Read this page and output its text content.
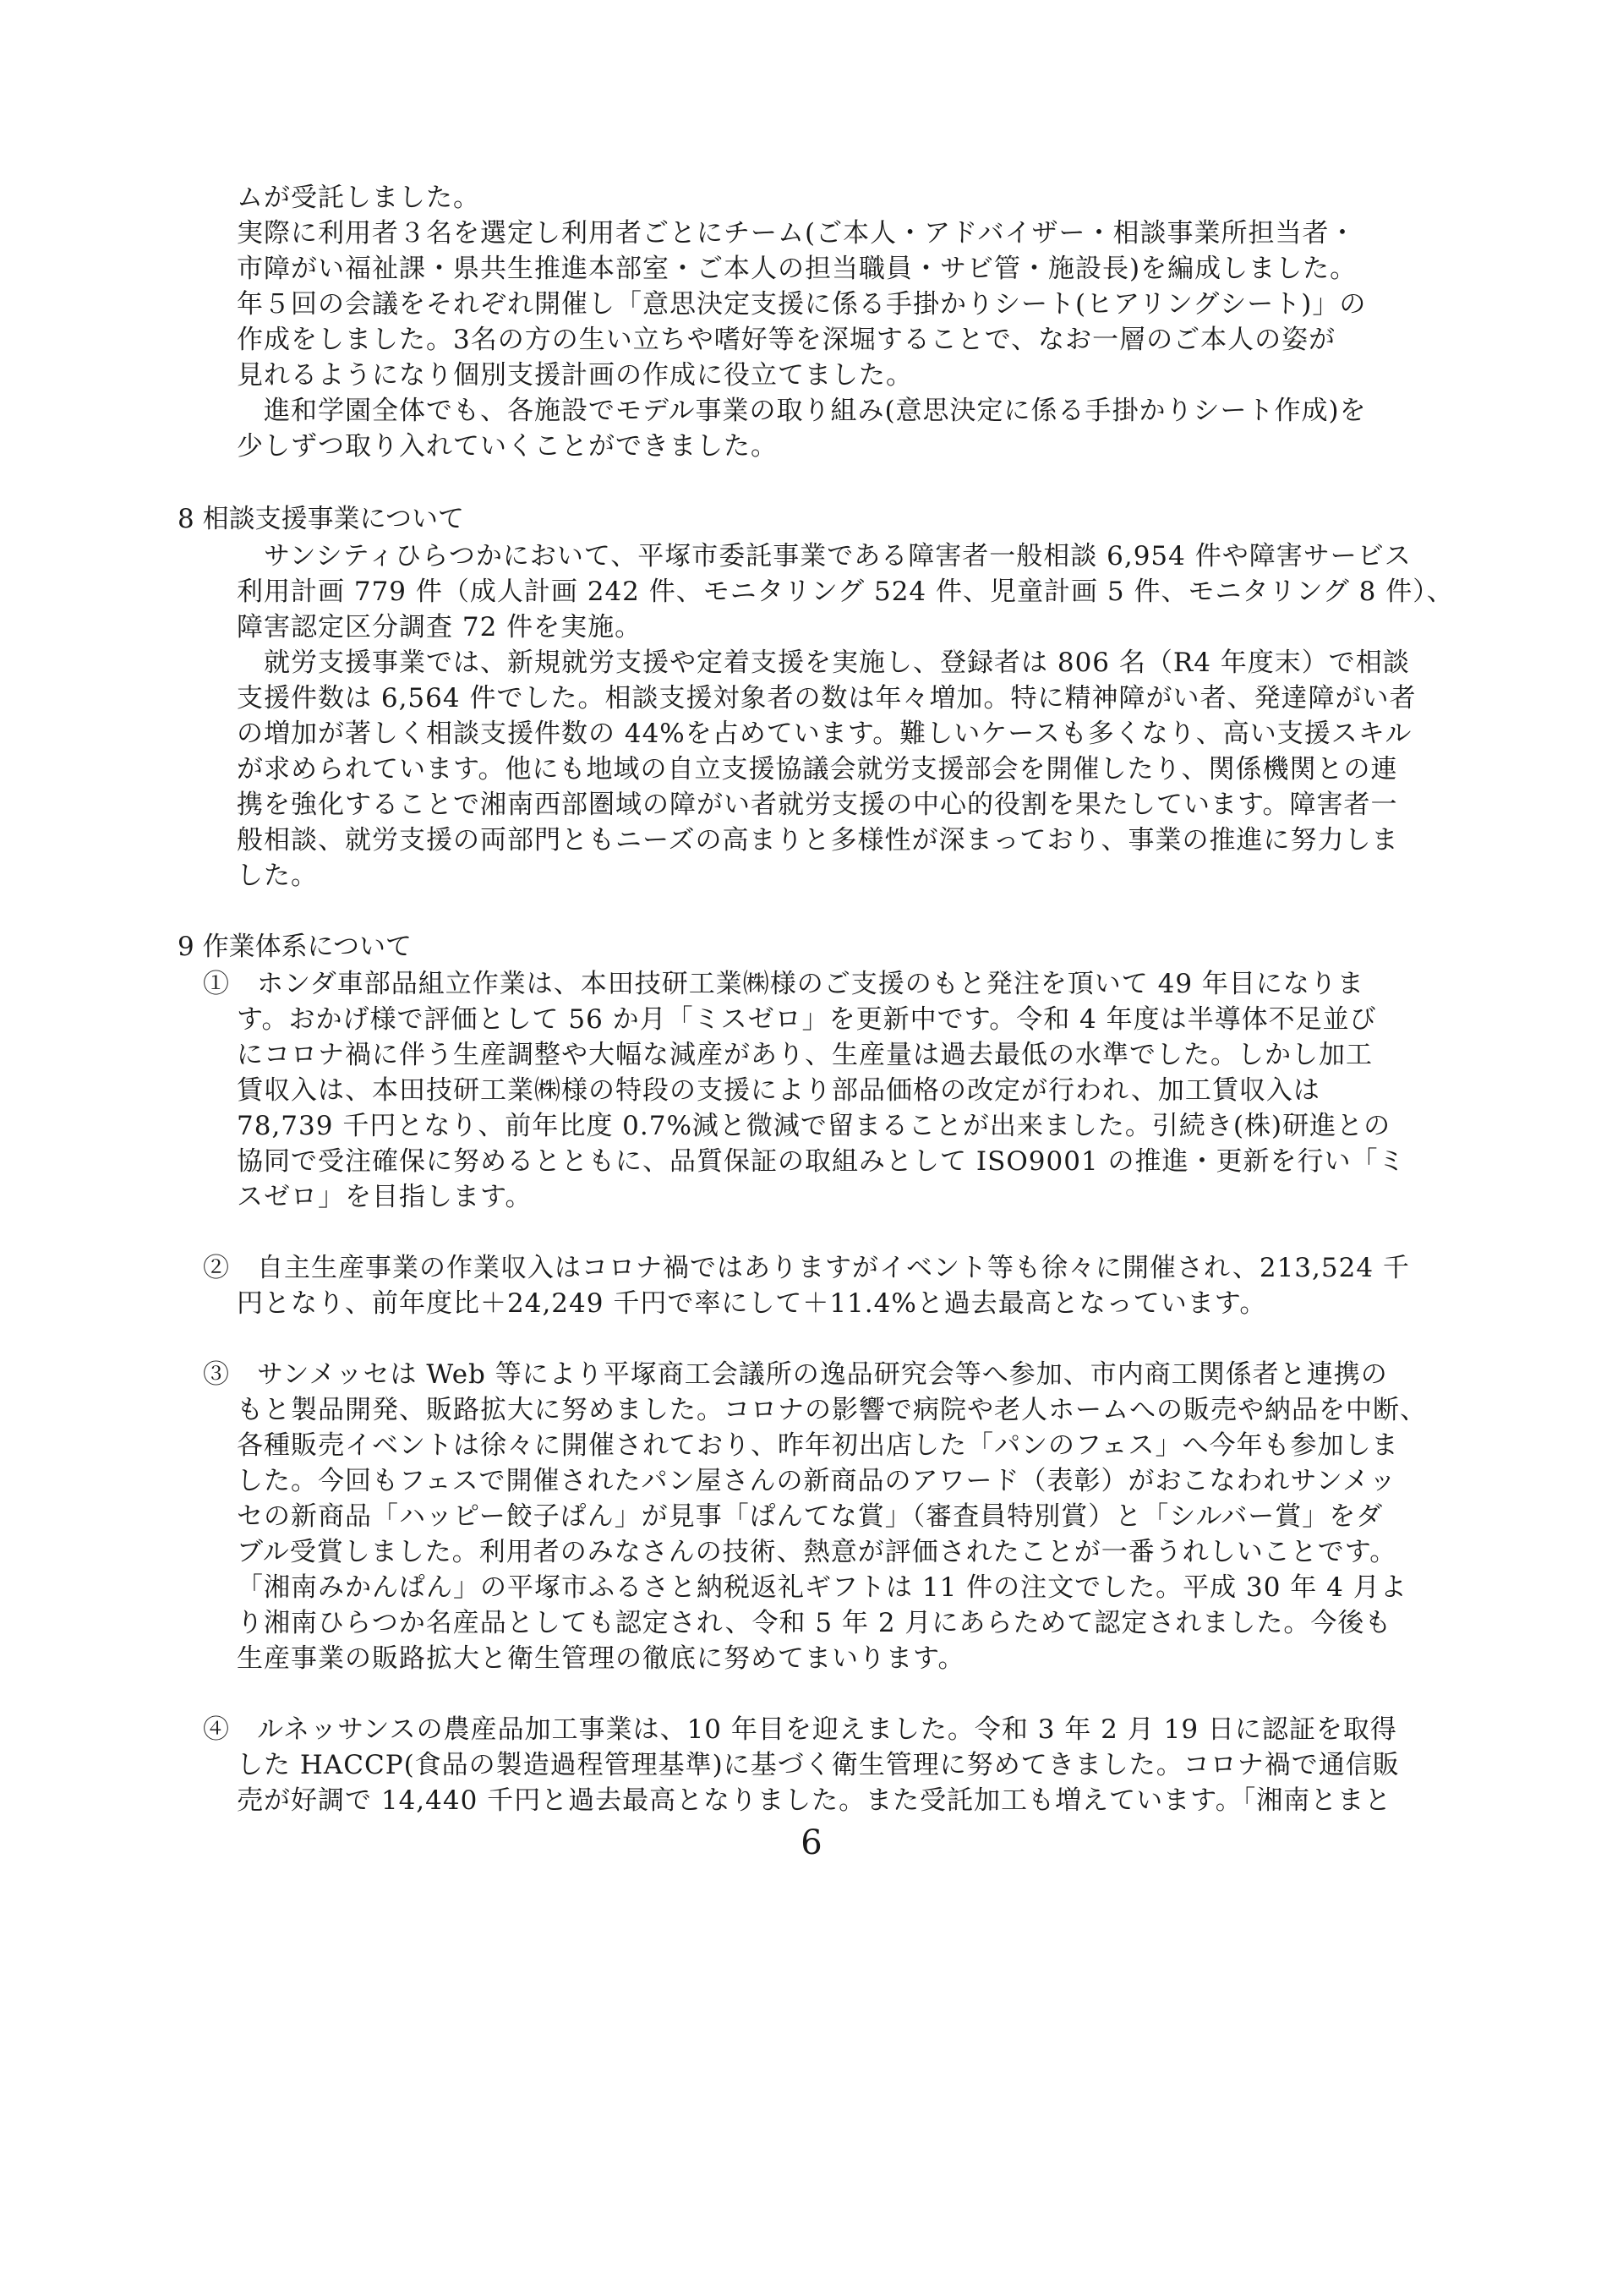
ムが受託しました。
実際に利用者３名を選定し利用者ごとにチーム(ご本人・アドバイザー・相談事業所担当者・
市障がい福祉課・県共生推進本部室・ご本人の担当職員・サビ管・施設長)を編成しました。
年５回の会議をそれぞれ開催し「意思決定支援に係る手掛かりシート(ヒアリングシート)」の
作成をしました。3名の方の生い立ちや嗜好等を深堀することで、なお一層のご本人の姿が
見れるようになり個別支援計画の作成に役立てました。
　進和学園全体でも、各施設でモデル事業の取り組み(意思決定に係る手掛かりシート作成)を
少しずつ取り入れていくことができました。
8 相談支援事業について
　サンシティひらつかにおいて、平塚市委託事業である障害者一般相談 6,954 件や障害サービス
利用計画 779 件（成人計画 242 件、モニタリング 524 件、児童計画 5 件、モニタリング 8 件）、
障害認定区分調査 72 件を実施。
　就労支援事業では、新規就労支援や定着支援を実施し、登録者は 806 名（R4 年度末）で相談
支援件数は 6,564 件でした。相談支援対象者の数は年々増加。特に精神障がい者、発達障がい者
の増加が著しく相談支援件数の 44%を占めています。難しいケースも多くなり、高い支援スキル
が求められています。他にも地域の自立支援協議会就労支援部会を開催したり、関係機関との連
携を強化することで湘南西部圏域の障がい者就労支援の中心的役割を果たしています。障害者一
般相談、就労支援の両部門ともニーズの高まりと多様性が深まっており、事業の推進に努力しま
した。
9 作業体系について
①　ホンダ車部品組立作業は、本田技研工業㈱様のご支援のもと発注を頂いて 49 年目になりま
す。おかげ様で評価として 56 か月「ミスゼロ」を更新中です。令和 4 年度は半導体不足並び
にコロナ禍に伴う生産調整や大幅な減産があり、生産量は過去最低の水準でした。しかし加工
賃収入は、本田技研工業㈱様の特段の支援により部品価格の改定が行われ、加工賃収入は
78,739 千円となり、前年比度 0.7%減と微減で留まることが出来ました。引続き(株)研進との
協同で受注確保に努めるとともに、品質保証の取組みとして ISO9001 の推進・更新を行い「ミ
スゼロ」を目指します。
②　自主生産事業の作業収入はコロナ禍ではありますがイベント等も徐々に開催され、213,524 千
円となり、前年度比＋24,249 千円で率にして＋11.4%と過去最高となっています。
③　サンメッセは Web 等により平塚商工会議所の逸品研究会等へ参加、市内商工関係者と連携の
もと製品開発、販路拡大に努めました。コロナの影響で病院や老人ホームへの販売や納品を中断、
各種販売イベントは徐々に開催されており、昨年初出店した「パンのフェス」へ今年も参加しま
した。今回もフェスで開催されたパン屋さんの新商品のアワード（表彰）がおこなわれサンメッ
セの新商品「ハッピー餃子ぱん」が見事「ぱんてな賞」（審査員特別賞）と「シルバー賞」をダ
ブル受賞しました。利用者のみなさんの技術、熱意が評価されたことが一番うれしいことです。
「湘南みかんぱん」の平塚市ふるさと納税返礼ギフトは 11 件の注文でした。平成 30 年 4 月よ
り湘南ひらつか名産品としても認定され、令和 5 年 2 月にあらためて認定されました。今後も
生産事業の販路拡大と衛生管理の徹底に努めてまいります。
④　ルネッサンスの農産品加工事業は、10 年目を迎えました。令和 3 年 2 月 19 日に認証を取得
した HACCP(食品の製造過程管理基準)に基づく衛生管理に努めてきました。コロナ禍で通信販
売が好調で 14,440 千円と過去最高となりました。また受託加工も増えています。「湘南とまと
6
